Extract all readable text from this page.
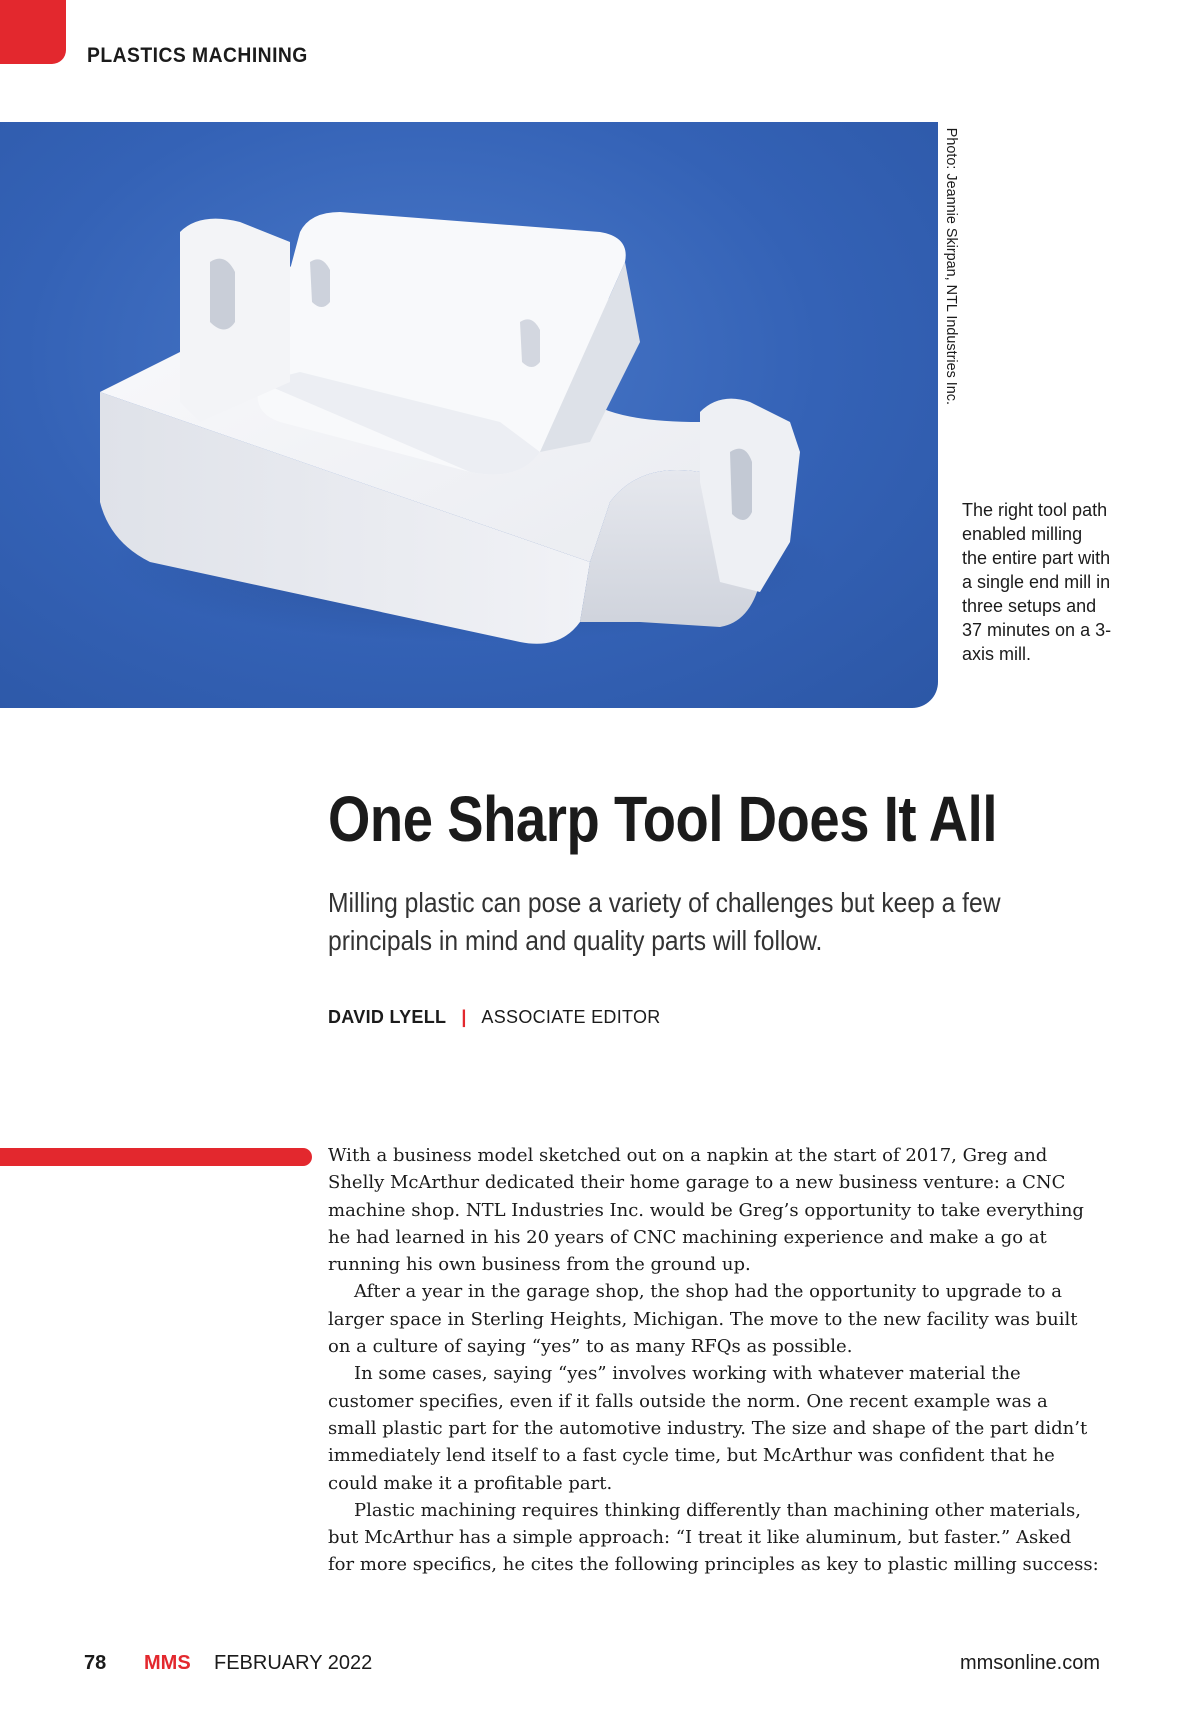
PLASTICS MACHINING
Photo: Jeannie Skirpan, NTL Industries Inc.
The right tool path enabled milling the entire part with a single end mill in three setups and 37 minutes on a 3-axis mill.
One Sharp Tool Does It All

Milling plastic can pose a variety of challenges but keep a few principals in mind and quality parts will follow.

DAVID LYELL | ASSOCIATE EDITOR

With a business model sketched out on a napkin at the start of 2017, Greg and Shelly McArthur dedicated their home garage to a new business venture: a CNC machine shop. NTL Industries Inc. would be Greg’s opportunity to take everything he had learned in his 20 years of CNC machining experience and make a go at running his own business from the ground up.

After a year in the garage shop, the shop had the opportunity to upgrade to a larger space in Sterling Heights, Michigan. The move to the new facility was built on a culture of saying “yes” to as many RFQs as possible.

In some cases, saying “yes” involves working with whatever material the customer specifies, even if it falls outside the norm. One recent example was a small plastic part for the automotive industry. The size and shape of the part didn’t immediately lend itself to a fast cycle time, but McArthur was confident that he could make it a profitable part.

Plastic machining requires thinking differently than machining other materials, but McArthur has a simple approach: “I treat it like aluminum, but faster.” Asked for more specifics, he cites the following principles as key to plastic milling success:

78 MMS FEBRUARY 2022	mmsonline.com
